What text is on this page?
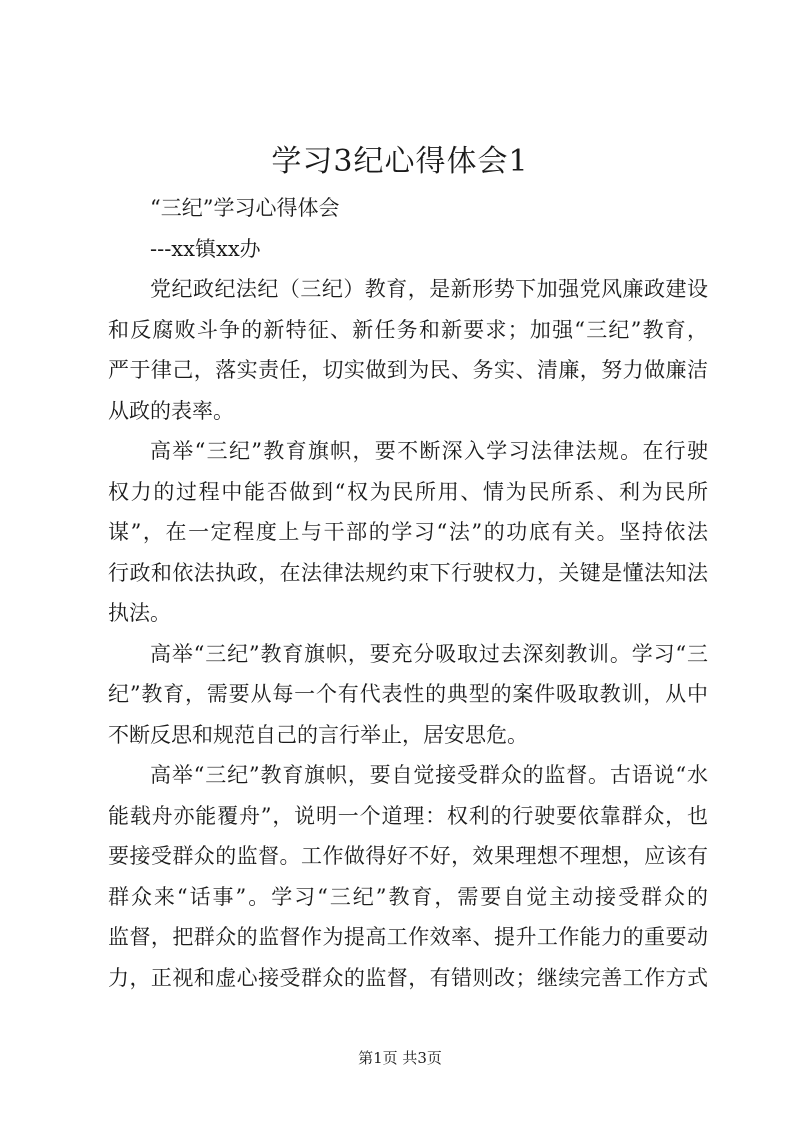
学习3纪心得体会1
“三纪”学习心得体会
---xx镇xx办
党纪政纪法纪（三纪）教育，是新形势下加强党风廉政建设
和反腐败斗争的新特征、新任务和新要求；加强“三纪”教育，
严于律己，落实责任，切实做到为民、务实、清廉，努力做廉洁
从政的表率。
高举“三纪”教育旗帜，要不断深入学习法律法规。在行驶
权力的过程中能否做到“权为民所用、情为民所系、利为民所
谋”，在一定程度上与干部的学习“法”的功底有关。坚持依法
行政和依法执政，在法律法规约束下行驶权力，关键是懂法知法
执法。
高举“三纪”教育旗帜，要充分吸取过去深刻教训。学习“三
纪”教育，需要从每一个有代表性的典型的案件吸取教训，从中
不断反思和规范自己的言行举止，居安思危。
高举“三纪”教育旗帜，要自觉接受群众的监督。古语说“水
能载舟亦能覆舟”，说明一个道理：权利的行驶要依靠群众，也
要接受群众的监督。工作做得好不好，效果理想不理想，应该有
群众来“话事”。学习“三纪”教育，需要自觉主动接受群众的
监督，把群众的监督作为提高工作效率、提升工作能力的重要动
力，正视和虚心接受群众的监督，有错则改；继续完善工作方式
第1页 共3页
